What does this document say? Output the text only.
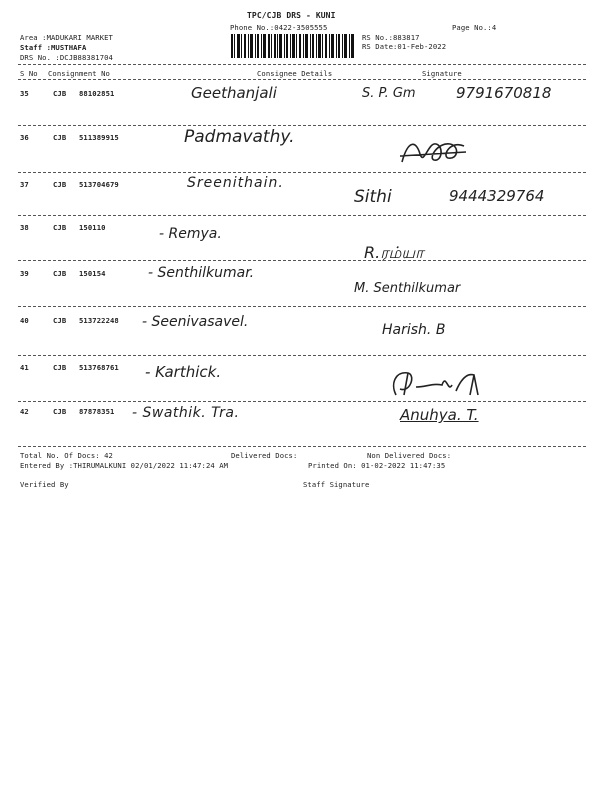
TPC/CJB DRS - KUNI
Phone No.:0422-3505555	Page No.:4
Area :MADUKARI MARKET
Staff :MUSTHAFA
DRS No. :DCJB88381704
RS No.:883817
RS Date:01-Feb-2022
S No Consignment No	Consignee Details	Signature
35	CJB 88102851	Geethanjali	S. P. Gm	9791670818
36	CJB 511389915	Padmavathy.
37	CJB 513704679	Sreenithain.
Sithi	9444329764
38	CJB 150110	- Remya.
R.ரம்யா
39	CJB 150154	- Senthilkumar.
M. Senthilkumar
40	CJB 513722248 - Seenivasavel.	Harish. B
41	CJB 513768761 - Karthick.
42	CJB 87878351 - Swathik. Tra.	Anuhya. T.
Total No. Of Docs: 42	Delivered Docs:	Non Delivered Docs:
Entered By :THIRUMALKUNI 02/01/2022 11:47:24 AM	Printed On: 01-02-2022 11:47:35
Verified By	Staff Signature
